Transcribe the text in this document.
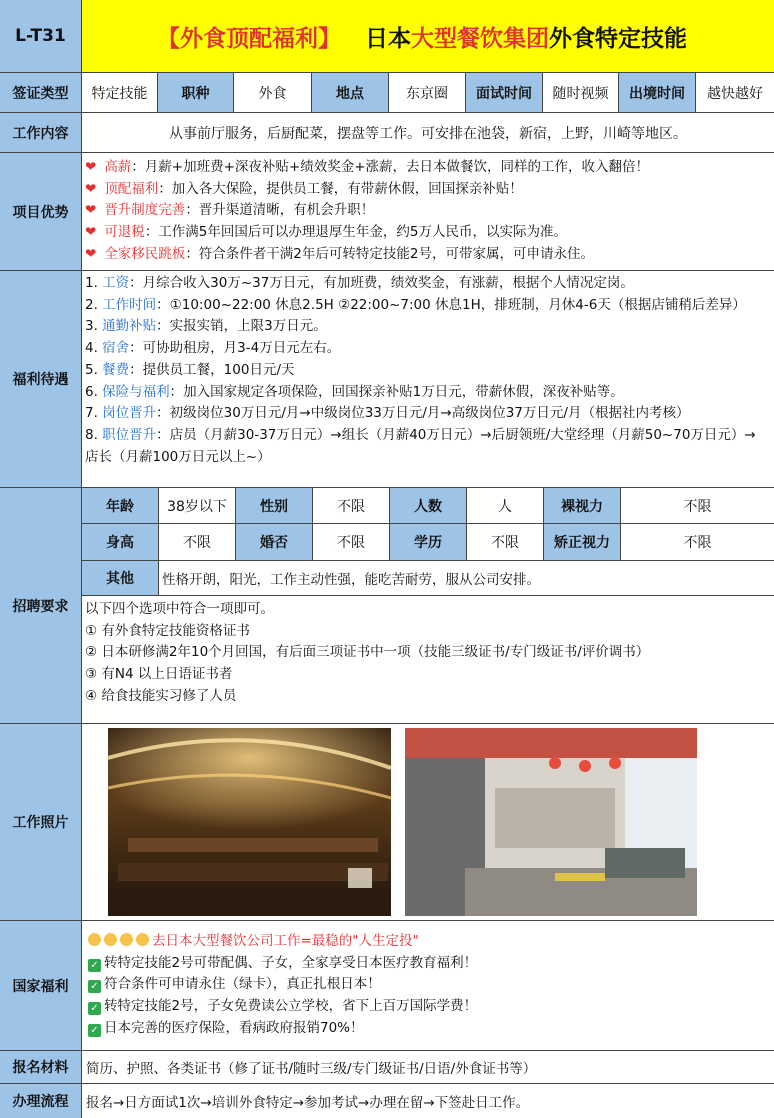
L-T31	【 外食顶配福利 】 日本 大型餐饮集团 外食特定技能
签证类型	特定技能	职种	外食	地点	东京圈	面试时间	随时视频	出境时间	越快越好
工作内容	从事前厅服务，后厨配菜，摆盘等工作。可安排在池袋，新宿，上野，川崎等地区。
项目优势
❤ 高薪：月薪+加班费+深夜补贴+绩效奖金+涨薪，去日本做餐饮，同样的工作，收入翻倍！
❤ 顶配福利：加入各大保险，提供员工餐，有带薪休假，回国探亲补贴！
❤ 晋升制度完善：晋升渠道清晰，有机会升职！
❤ 可退税：工作满5年回国后可以办理退厚生年金，约5万人民币，以实际为准。
❤ 全家移民跳板：符合条件者干满2年后可转特定技能2号，可带家属，可申请永住。
福利待遇
1. 工资：月综合收入30万~37万日元，有加班费，绩效奖金，有涨薪，根据个人情况定岗。
2. 工作时间：①10:00~22:00 休息2.5H ②22:00~7:00 休息1H，排班制，月休4-6天（根据店铺稍后差异）
3. 通勤补贴：实报实销，上限3万日元。
4. 宿舍：可协助租房，月3-4万日元左右。
5. 餐费：提供员工餐，100日元/天
6. 保险与福利：加入国家规定各项保险，回国探亲补贴1万日元，带薪休假，深夜补贴等。
7. 岗位晋升：初级岗位30万日元/月→中级岗位33万日元/月→高级岗位37万日元/月（根据社内考核）
8. 职位晋升：店员（月薪30-37万日元）→组长（月薪40万日元）→后厨领班/大堂经理（月薪50~70万日元）→ 店长（月薪100万日元以上~）
招聘要求
年龄	38岁以下	性别	不限	人数	人	裸视力	不限
身高	不限	婚否	不限	学历	不限	矫正视力	不限
其他	性格开朗，阳光，工作主动性强，能吃苦耐劳，服从公司安排。
以下四个选项中符合一项即可。
① 有外食特定技能资格证书
② 日本研修满2年10个月回国，有后面三项证书中一项（技能三级证书/专门级证书/评价调书）
③ 有N4 以上日语证书者
④ 给食技能实习修了人员
工作照片
国家福利
去日本大型餐饮公司工作=最稳的"人生定投"
✓ 转特定技能2号可带配偶、子女，全家享受日本医疗教育福利！
✓ 符合条件可申请永住（绿卡），真正扎根日本！
✓ 转特定技能2号，子女免费读公立学校，省下上百万国际学费！
✓ 日本完善的医疗保险，看病政府报销70%！
报名材料	简历、护照、各类证书（修了证书/随时三级/专门级证书/日语/外食证书等）
办理流程	报名→日方面试1次→培训外食特定→参加考试→办理在留→下签赴日工作。
